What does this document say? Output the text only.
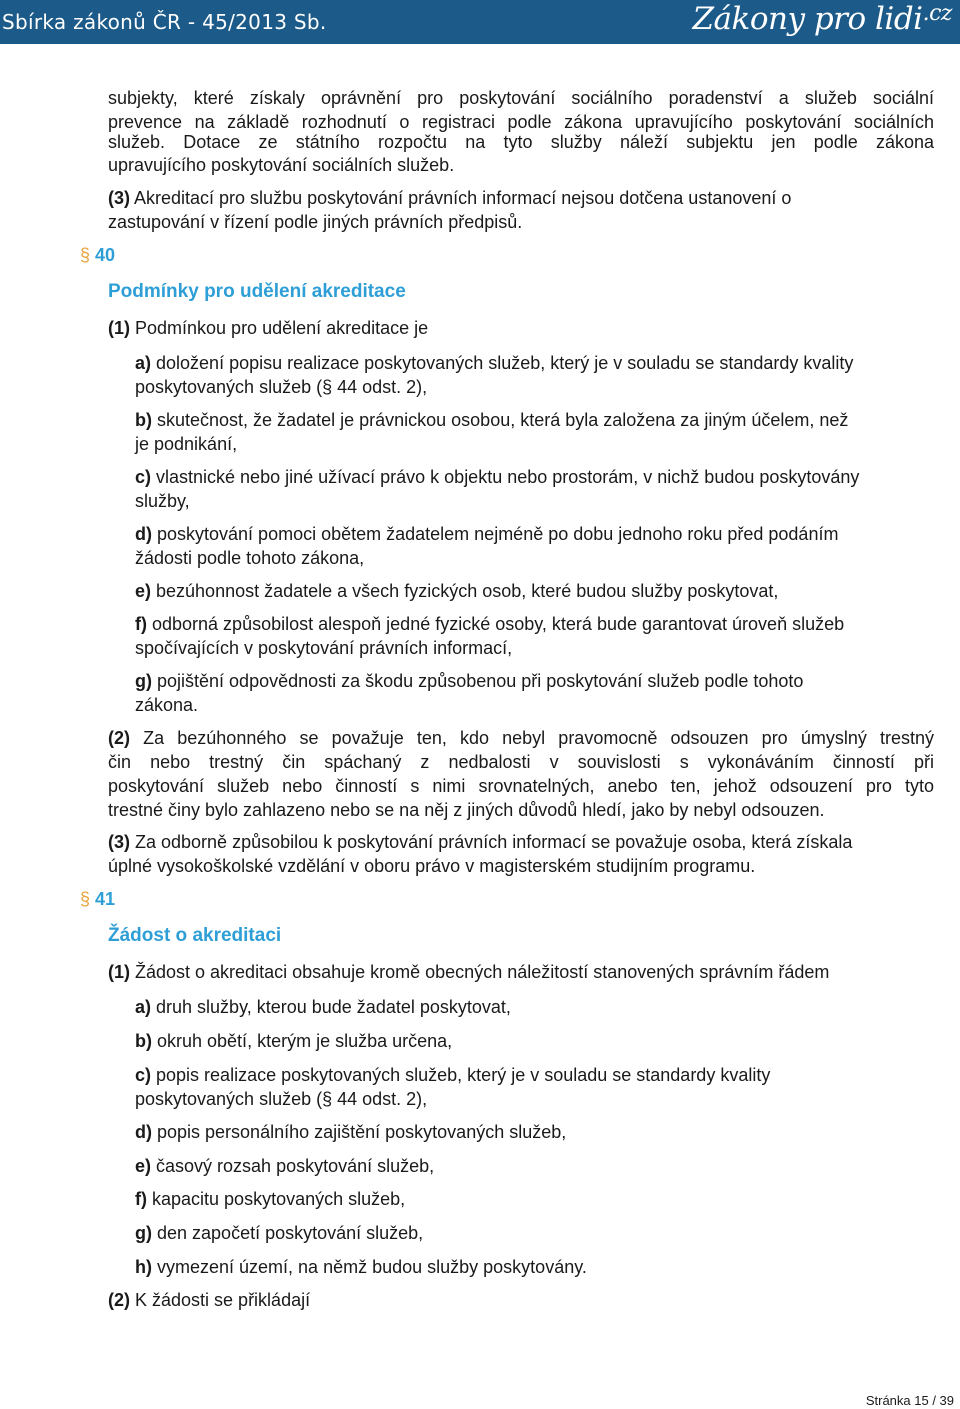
Sbírka zákonů ČR - 45/2013 Sb.	Zákony pro lidi$^{.cz}$
subjekty, které získaly oprávnění pro poskytování sociálního poradenství a služeb sociální
prevence na základě rozhodnutí o registraci podle zákona upravujícího poskytování sociálních
služeb. Dotace ze státního rozpočtu na tyto služby náleží subjektu jen podle zákona
upravujícího poskytování sociálních služeb.
(3) Akreditací pro službu poskytování právních informací nejsou dotčena ustanovení o
zastupování v řízení podle jiných právních předpisů.
§ 40
Podmínky pro udělení akreditace
(1) Podmínkou pro udělení akreditace je
a) doložení popisu realizace poskytovaných služeb, který je v souladu se standardy kvality
poskytovaných služeb (§ 44 odst. 2),
b) skutečnost, že žadatel je právnickou osobou, která byla založena za jiným účelem, než
je podnikání,
c) vlastnické nebo jiné užívací právo k objektu nebo prostorám, v nichž budou poskytovány
služby,
d) poskytování pomoci obětem žadatelem nejméně po dobu jednoho roku před podáním
žádosti podle tohoto zákona,
e) bezúhonnost žadatele a všech fyzických osob, které budou služby poskytovat,
f) odborná způsobilost alespoň jedné fyzické osoby, která bude garantovat úroveň služeb
spočívajících v poskytování právních informací,
g) pojištění odpovědnosti za škodu způsobenou při poskytování služeb podle tohoto
zákona.
(2) Za bezúhonného se považuje ten, kdo nebyl pravomocně odsouzen pro úmyslný trestný
čin nebo trestný čin spáchaný z nedbalosti v souvislosti s vykonáváním činností při
poskytování služeb nebo činností s nimi srovnatelných, anebo ten, jehož odsouzení pro tyto
trestné činy bylo zahlazeno nebo se na něj z jiných důvodů hledí, jako by nebyl odsouzen.
(3) Za odborně způsobilou k poskytování právních informací se považuje osoba, která získala
úplné vysokoškolské vzdělání v oboru právo v magisterském studijním programu.
§ 41
Žádost o akreditaci
(1) Žádost o akreditaci obsahuje kromě obecných náležitostí stanovených správním řádem
a) druh služby, kterou bude žadatel poskytovat,
b) okruh obětí, kterým je služba určena,
c) popis realizace poskytovaných služeb, který je v souladu se standardy kvality
poskytovaných služeb (§ 44 odst. 2),
d) popis personálního zajištění poskytovaných služeb,
e) časový rozsah poskytování služeb,
f) kapacitu poskytovaných služeb,
g) den započetí poskytování služeb,
h) vymezení území, na němž budou služby poskytovány.
(2) K žádosti se přikládají
Stránka 15 / 39
